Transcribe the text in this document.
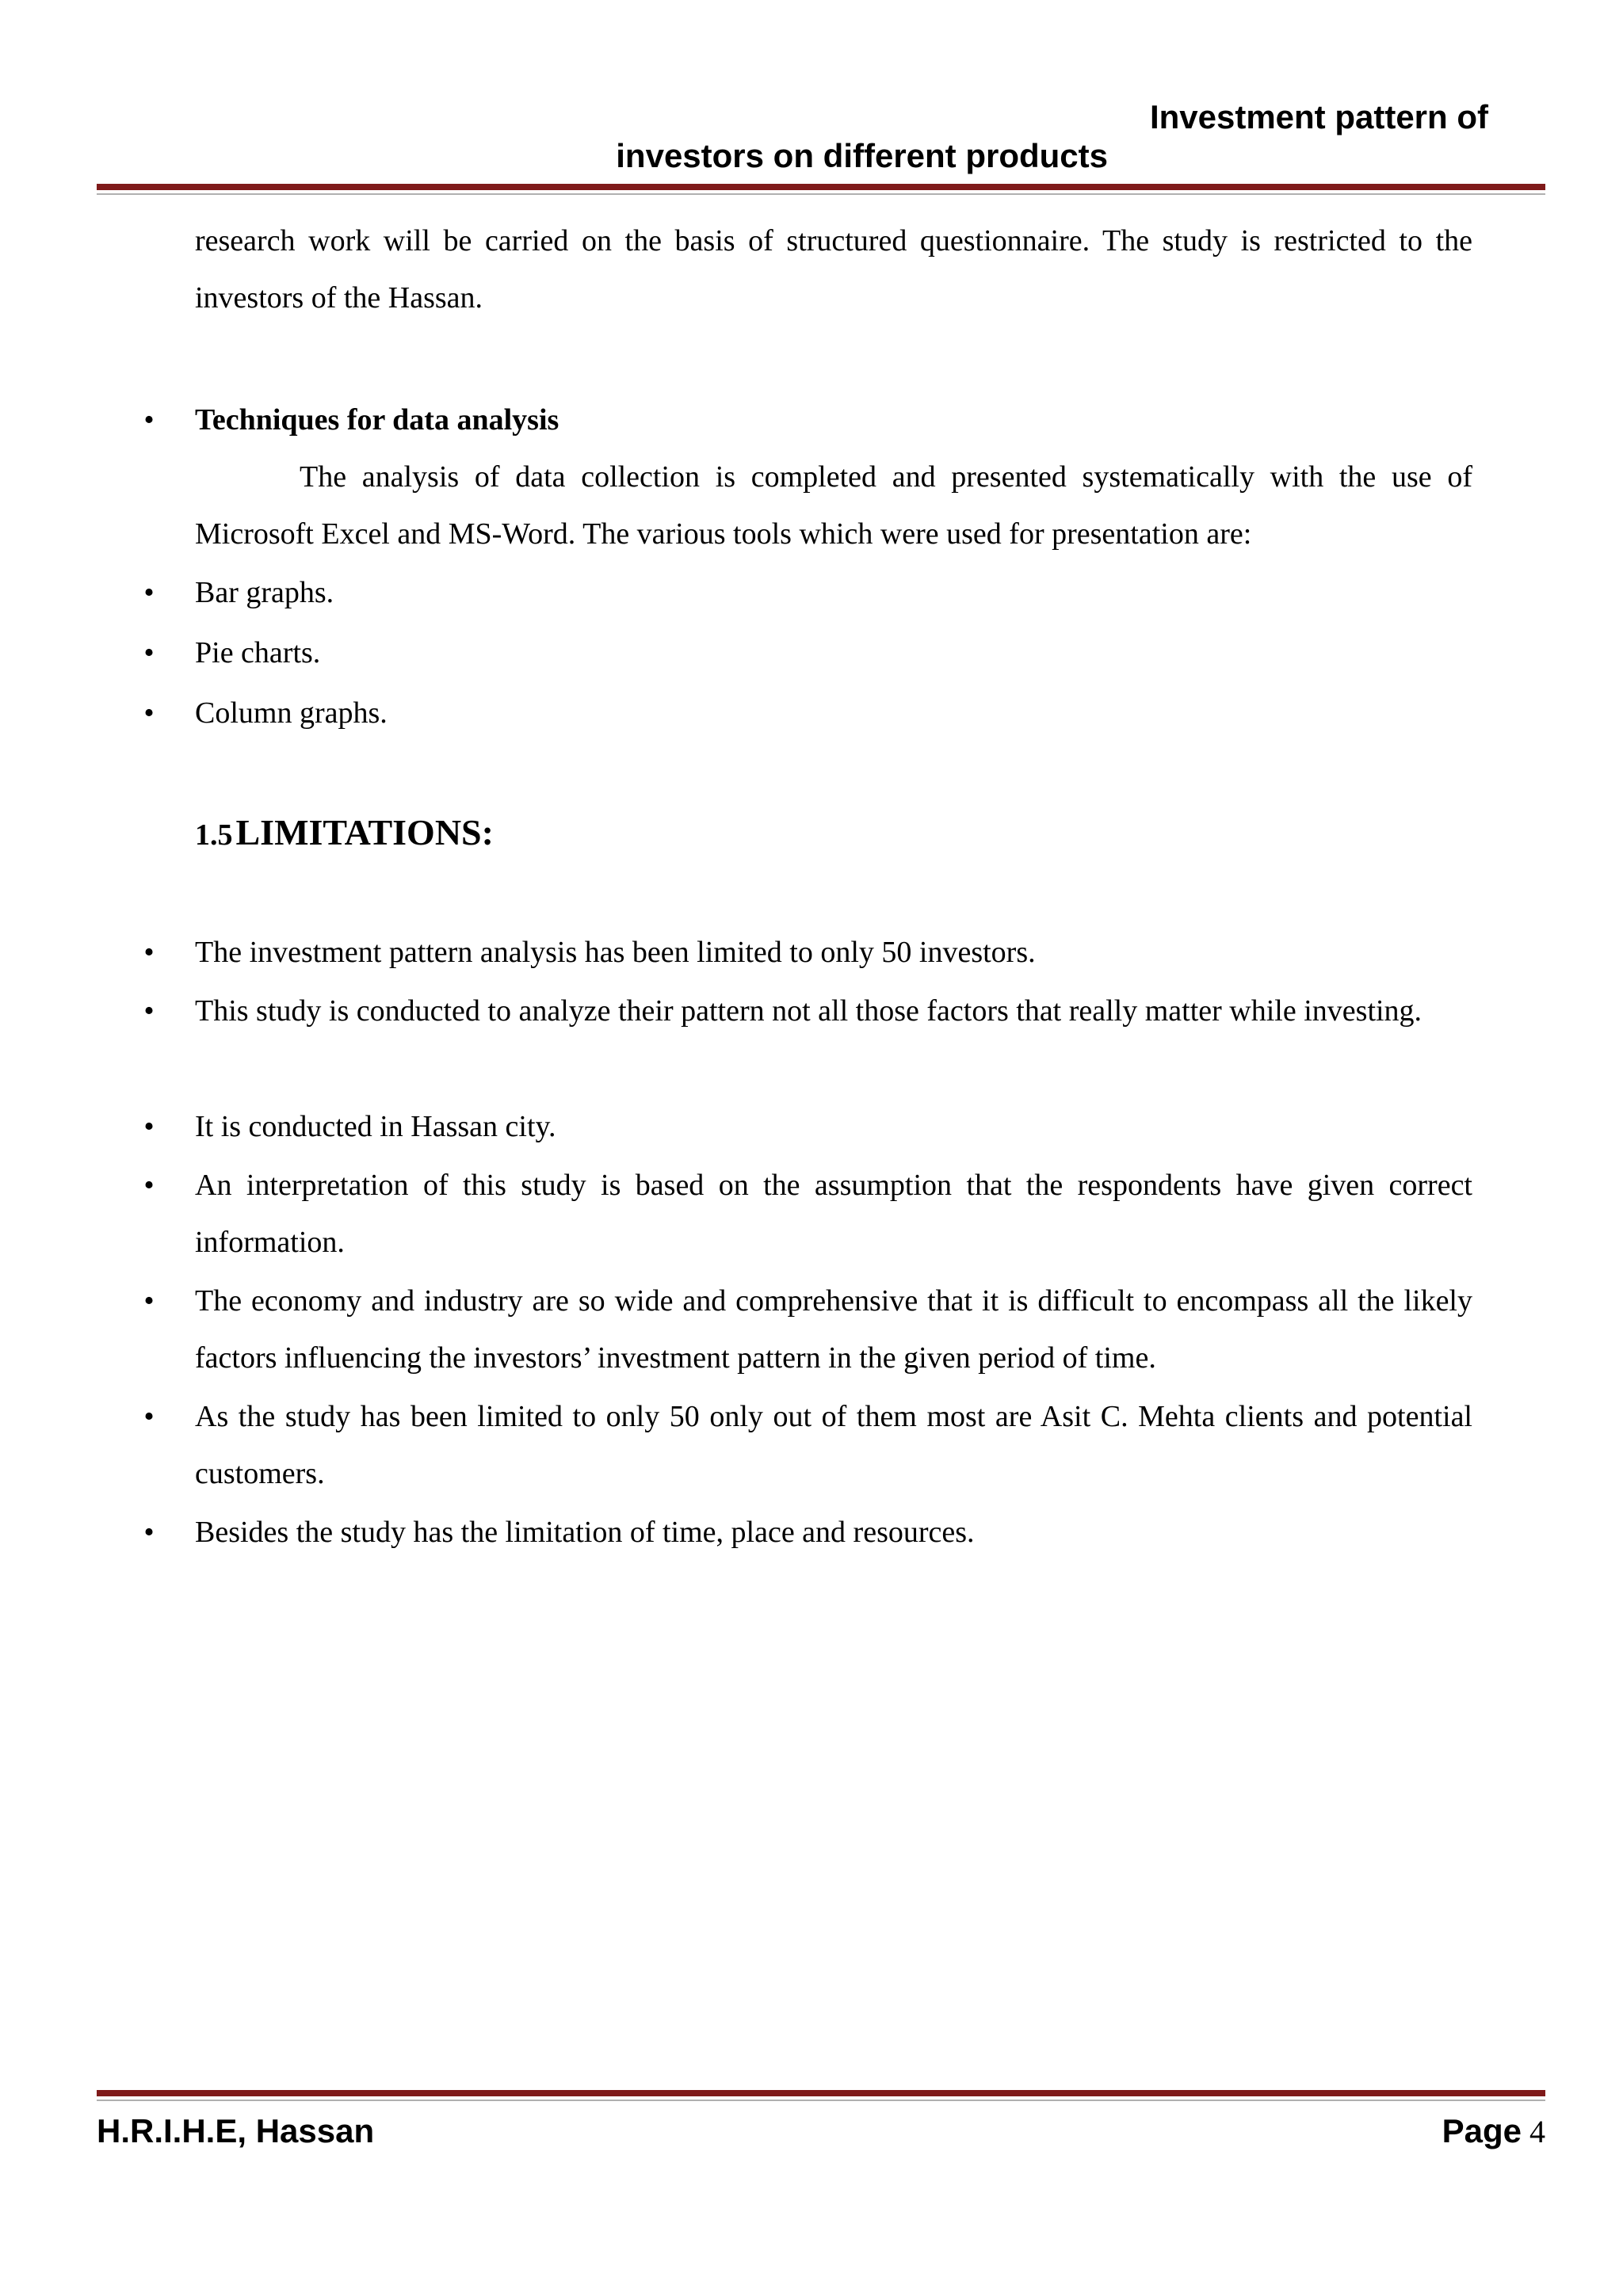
Investment pattern of
investors on different products
research work will be carried on the basis of structured questionnaire. The study is restricted to the investors of the Hassan.
• Techniques for data analysis
The analysis of data collection is completed and presented systematically with the use of Microsoft Excel and MS-Word. The various tools which were used for presentation are:
• Bar graphs.
• Pie charts.
• Column graphs.
1.5 LIMITATIONS:
• The investment pattern analysis has been limited to only 50 investors.
• This study is conducted to analyze their pattern not all those factors that really matter while investing.
• It is conducted in Hassan city.
• An interpretation of this study is based on the assumption that the respondents have given correct information.
• The economy and industry are so wide and comprehensive that it is difficult to encompass all the likely factors influencing the investors’ investment pattern in the given period of time.
• As the study has been limited to only 50 only out of them most are Asit C. Mehta clients and potential customers.
• Besides the study has the limitation of time, place and resources.
H.R.I.H.E, Hassan	Page 4
